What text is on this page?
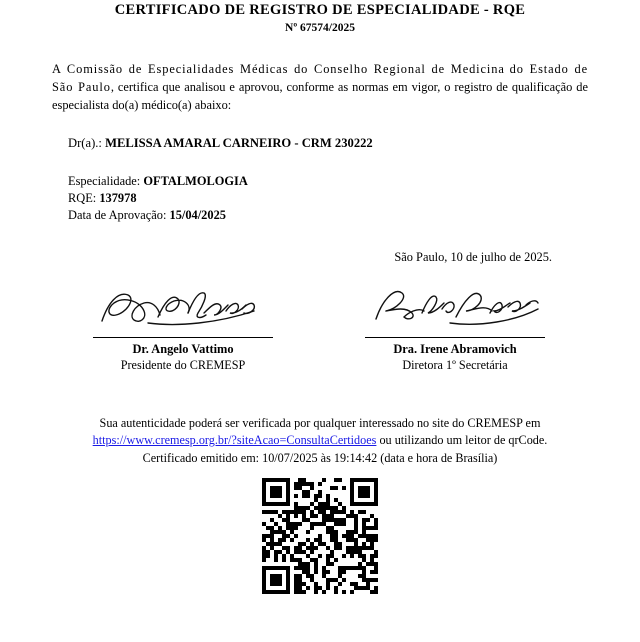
CERTIFICADO DE REGISTRO DE ESPECIALIDADE - RQE
Nº 67574/2025

A Comissão de Especialidades Médicas do Conselho Regional de Medicina do Estado de São Paulo, certifica que analisou e aprovou, conforme as normas em vigor, o registro de qualificação de especialista do(a) médico(a) abaixo:

Dr(a).: MELISSA AMARAL CARNEIRO - CRM 230222
Especialidade: OFTALMOLOGIA
RQE: 137978
Data de Aprovação: 15/04/2025
São Paulo, 10 de julho de 2025.
Dr. Angelo Vattimo
Presidente do CREMESP
Dra. Irene Abramovich
Diretora 1º Secretária
Sua autenticidade poderá ser verificada por qualquer interessado no site do CREMESP em
https://www.cremesp.org.br/?siteAcao=ConsultaCertidoes ou utilizando um leitor de qrCode.
Certificado emitido em: 10/07/2025 às 19:14:42 (data e hora de Brasília)
